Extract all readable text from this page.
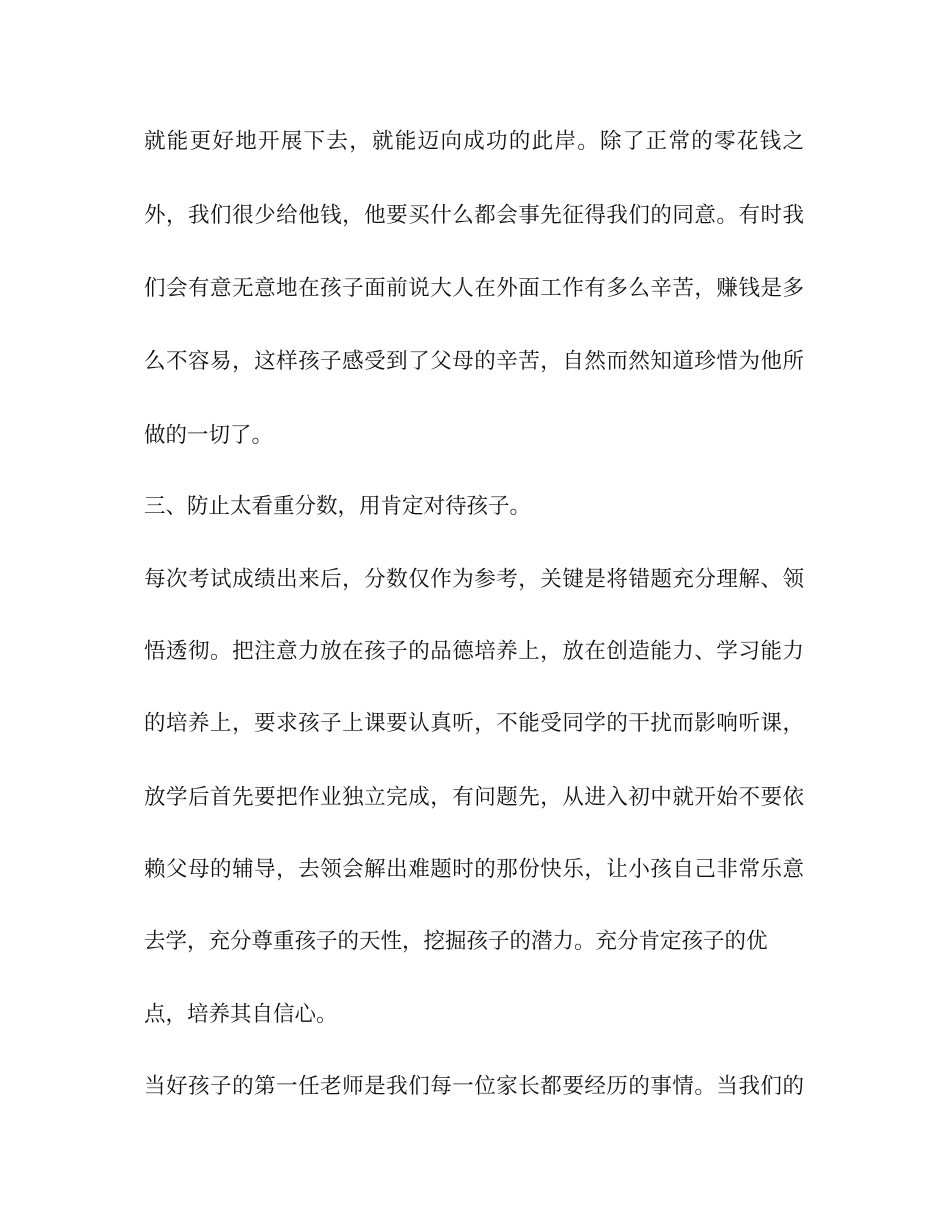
就能更好地开展下去，就能迈向成功的此岸。除了正常的零花钱之
外，我们很少给他钱，他要买什么都会事先征得我们的同意。有时我
们会有意无意地在孩子面前说大人在外面工作有多么辛苦，赚钱是多
么不容易，这样孩子感受到了父母的辛苦，自然而然知道珍惜为他所
做的一切了。
三、防止太看重分数，用肯定对待孩子。
每次考试成绩出来后，分数仅作为参考，关键是将错题充分理解、领
悟透彻。把注意力放在孩子的品德培养上，放在创造能力、学习能力
的培养上，要求孩子上课要认真听，不能受同学的干扰而影响听课，
放学后首先要把作业独立完成，有问题先，从进入初中就开始不要依
赖父母的辅导，去领会解出难题时的那份快乐，让小孩自己非常乐意
去学，充分尊重孩子的天性，挖掘孩子的潜力。充分肯定孩子的优
点，培养其自信心。
当好孩子的第一任老师是我们每一位家长都要经历的事情。当我们的
